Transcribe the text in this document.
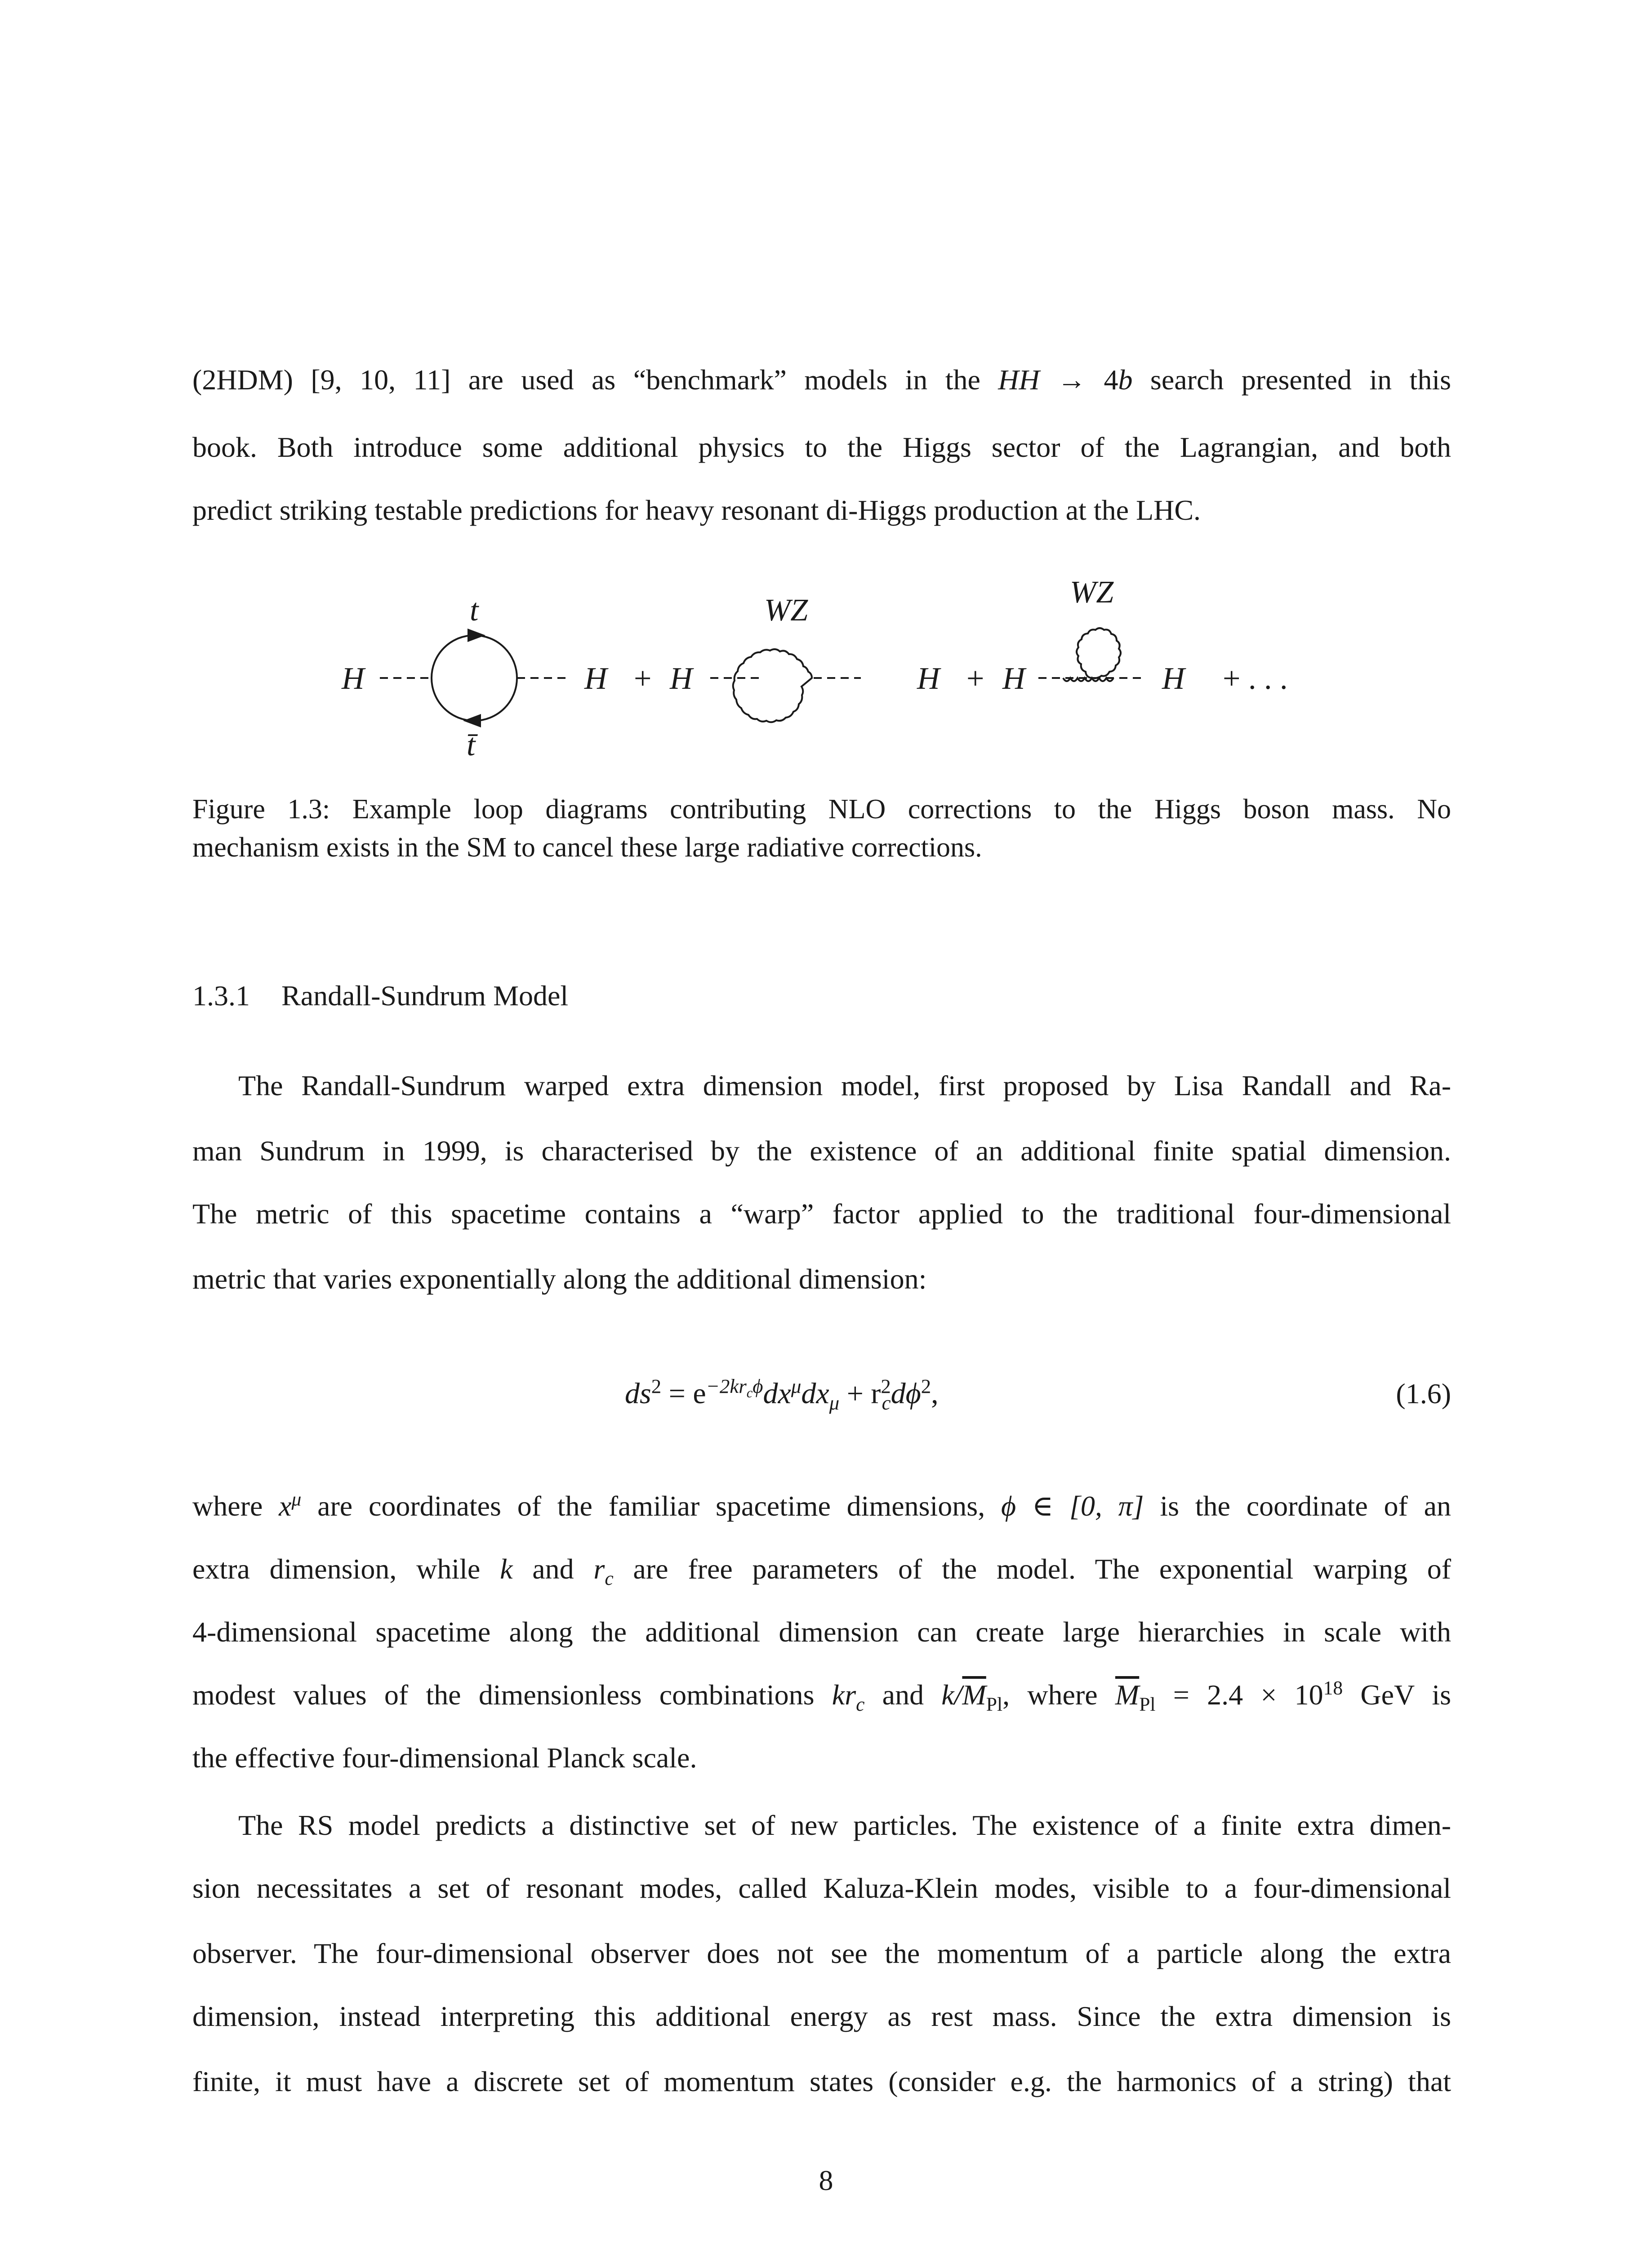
(2HDM) [9, 10, 11] are used as “benchmark” models in the HH → 4b search presented in this
book. Both introduce some additional physics to the Higgs sector of the Lagrangian, and both
predict striking testable predictions for heavy resonant di-Higgs production at the LHC.
H
t
t̄
H + H
WZ
H + H
WZ
H + . . .
Figure 1.3: Example loop diagrams contributing NLO corrections to the Higgs boson mass. No
mechanism exists in the SM to cancel these large radiative corrections.
1.3.1 Randall-Sundrum Model
The Randall-Sundrum warped extra dimension model, first proposed by Lisa Randall and Ra-
man Sundrum in 1999, is characterised by the existence of an additional finite spatial dimension.
The metric of this spacetime contains a “warp” factor applied to the traditional four-dimensional
metric that varies exponentially along the additional dimension:
$ds^2 = e^{-2kr_c\phi}dx^\mu dx_\mu + r^2_cd\phi^2$,	(1.6)
where $x^\mu$ are coordinates of the familiar spacetime dimensions, ϕ ∈ [0, π] is the coordinate of an
extra dimension, while k and $r_c$ are free parameters of the model. The exponential warping of
4-dimensional spacetime along the additional dimension can create large hierarchies in scale with
modest values of the dimensionless combinations $kr_c$ and $k/\overline{M}_{Pl}$, where $\overline{M}_{Pl} = 2.4 \times 10^{18}$ GeV is
the effective four-dimensional Planck scale.
The RS model predicts a distinctive set of new particles. The existence of a finite extra dimen-
sion necessitates a set of resonant modes, called Kaluza-Klein modes, visible to a four-dimensional
observer. The four-dimensional observer does not see the momentum of a particle along the extra
dimension, instead interpreting this additional energy as rest mass. Since the extra dimension is
finite, it must have a discrete set of momentum states (consider e.g. the harmonics of a string) that
8
